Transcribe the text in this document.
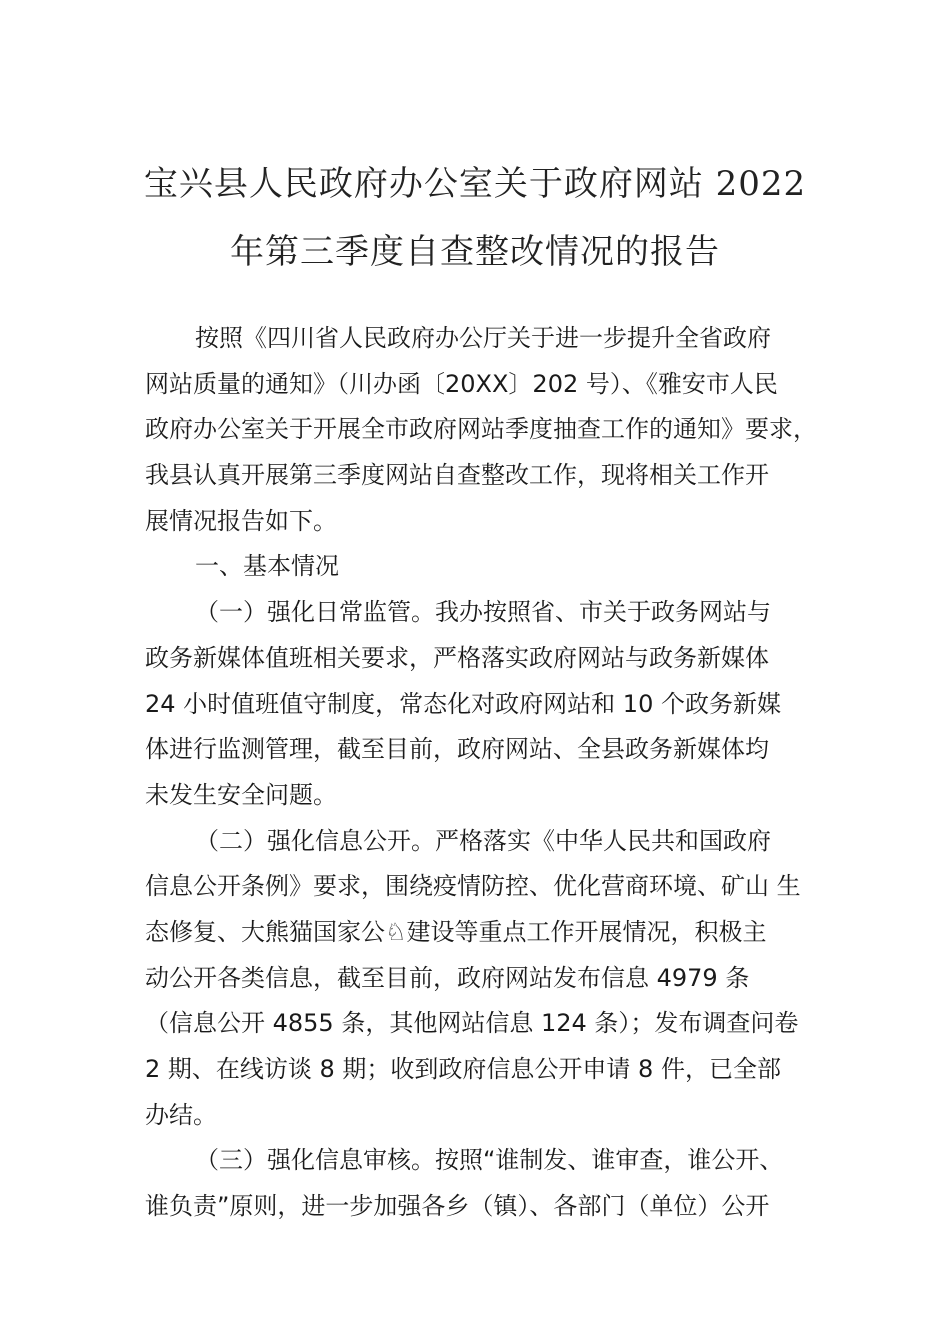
宝兴县人民政府办公室关于政府网站 2022
年第三季度自查整改情况的报告
按照《四川省人民政府办公厅关于进一步提升全省政府
网站质量的通知》（川办函〔20XX〕202 号）、《雅安市人民
政府办公室关于开展全市政府网站季度抽查工作的通知》要求，
我县认真开展第三季度网站自查整改工作，现将相关工作开
展情况报告如下。
一、基本情况
（一）强化日常监管。我办按照省、市关于政务网站与
政务新媒体值班相关要求，严格落实政府网站与政务新媒体
24 小时值班值守制度，常态化对政府网站和 10 个政务新媒
体进行监测管理，截至目前，政府网站、全县政务新媒体均
未发生安全问题。
（二）强化信息公开。严格落实《中华人民共和国政府
信息公开条例》要求，围绕疫情防控、优化营商环境、矿山 生
态修复、大熊猫国家公♘建设等重点工作开展情况，积极主
动公开各类信息，截至目前，政府网站发布信息 4979 条
（信息公开 4855 条，其他网站信息 124 条）；发布调查问卷
2 期、在线访谈 8 期；收到政府信息公开申请 8 件，已全部
办结。
（三）强化信息审核。按照“谁制发、谁审查，谁公开、
谁负责”原则，进一步加强各乡（镇）、各部门（单位）公开
